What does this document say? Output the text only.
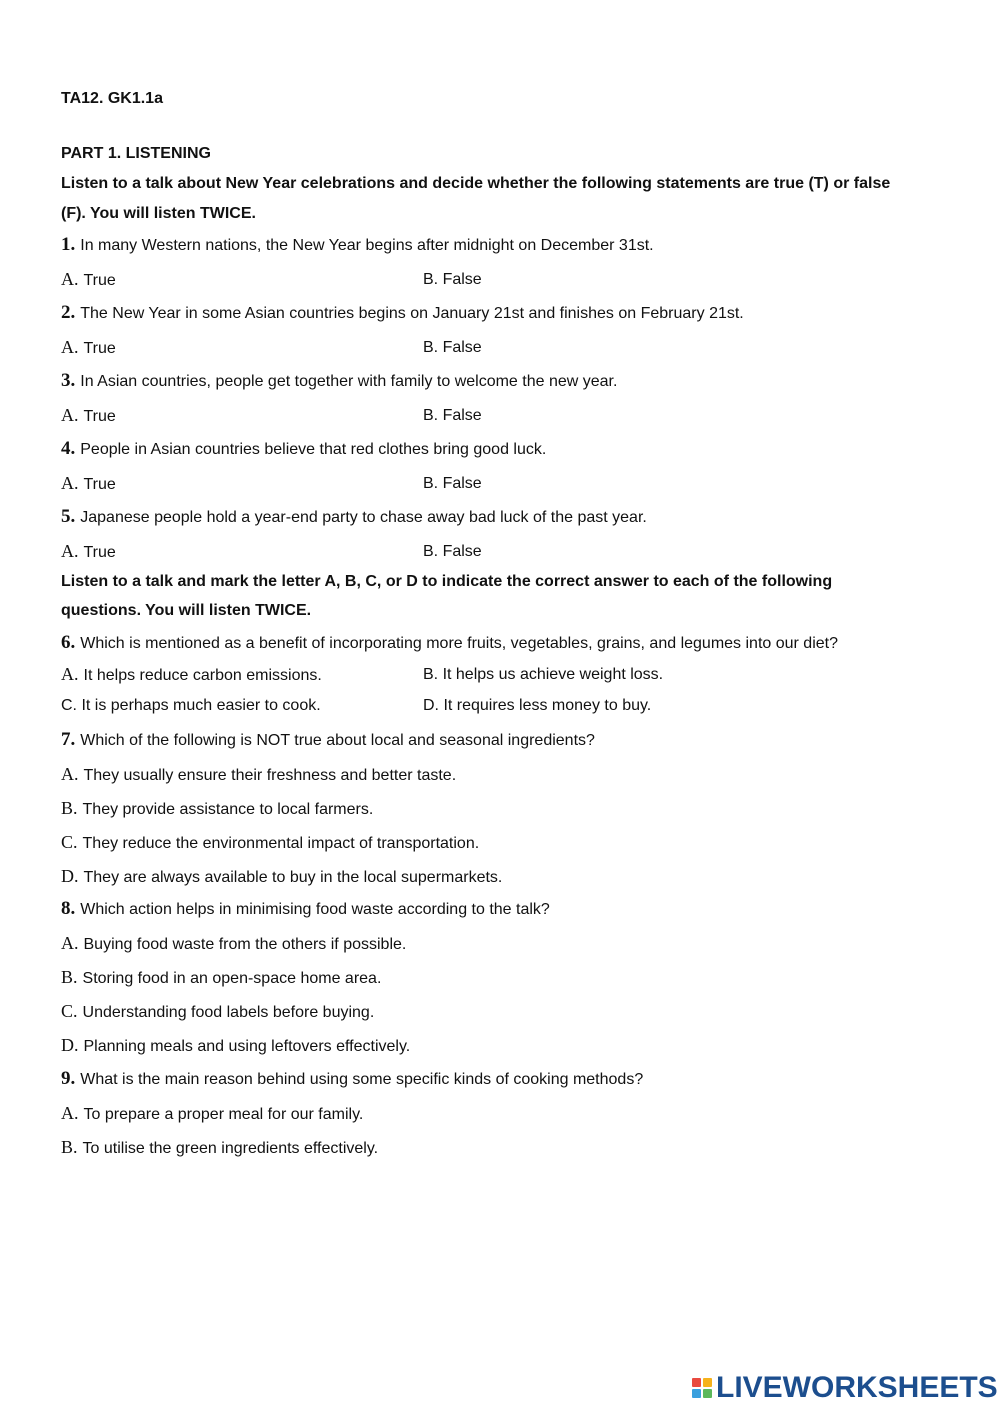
TA12. GK1.1a
PART 1. LISTENING
Listen to a talk about New Year celebrations and decide whether the following statements are true (T) or false
(F). You will listen TWICE.
1. In many Western nations, the New Year begins after midnight on December 31st.
A. True	B. False
2. The New Year in some Asian countries begins on January 21st and finishes on February 21st.
A. True	B. False
3. In Asian countries, people get together with family to welcome the new year.
A. True	B. False
4. People in Asian countries believe that red clothes bring good luck.
A. True	B. False
5. Japanese people hold a year-end party to chase away bad luck of the past year.
A. True	B. False
Listen to a talk and mark the letter A, B, C, or D to indicate the correct answer to each of the following
questions. You will listen TWICE.
6. Which is mentioned as a benefit of incorporating more fruits, vegetables, grains, and legumes into our diet?
A. It helps reduce carbon emissions.	B. It helps us achieve weight loss.
C. It is perhaps much easier to cook.	D. It requires less money to buy.
7. Which of the following is NOT true about local and seasonal ingredients?
A. They usually ensure their freshness and better taste.
B. They provide assistance to local farmers.
C. They reduce the environmental impact of transportation.
D. They are always available to buy in the local supermarkets.
8. Which action helps in minimising food waste according to the talk?
A. Buying food waste from the others if possible.
B. Storing food in an open-space home area.
C. Understanding food labels before buying.
D. Planning meals and using leftovers effectively.
9. What is the main reason behind using some specific kinds of cooking methods?
A. To prepare a proper meal for our family.
B. To utilise the green ingredients effectively.
LIVEWORKSHEETS
